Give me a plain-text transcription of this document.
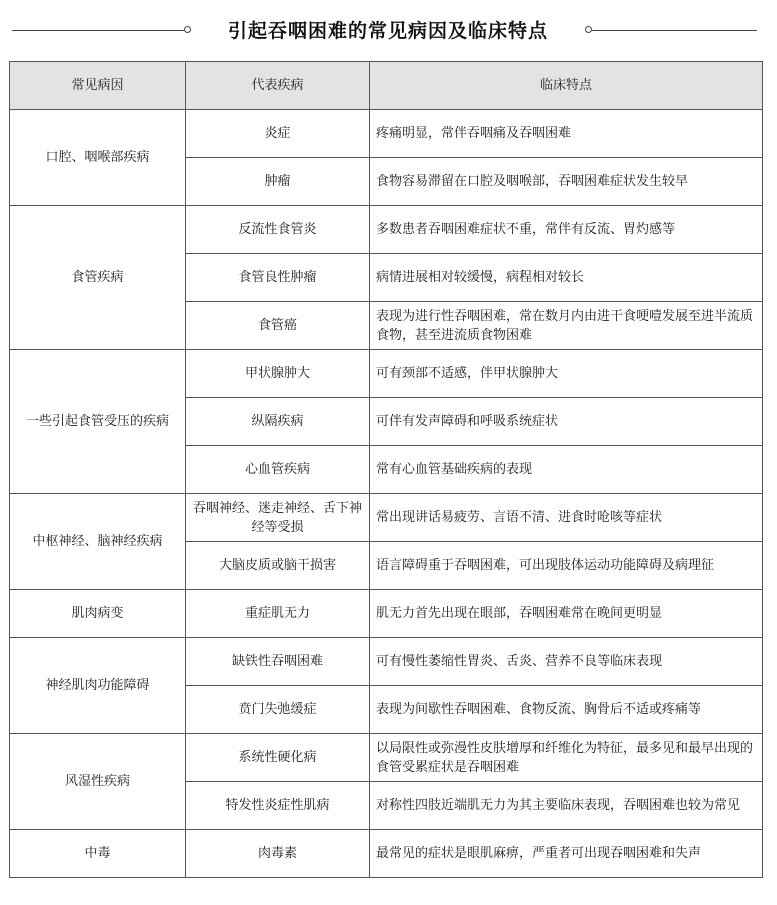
引起吞咽困难的常见病因及临床特点
常见病因	代表疾病	临床特点
口腔、咽喉部疾病	炎症	疼痛明显，常伴吞咽痛及吞咽困难
	肿瘤	食物容易滞留在口腔及咽喉部，吞咽困难症状发生较早
食管疾病	反流性食管炎	多数患者吞咽困难症状不重，常伴有反流、胃灼感等
	食管良性肿瘤	病情进展相对较缓慢，病程相对较长
	食管癌	表现为进行性吞咽困难，常在数月内由进干食哽噎发展至进半流质食物，甚至进流质食物困难
一些引起食管受压的疾病	甲状腺肿大	可有颈部不适感，伴甲状腺肿大
	纵隔疾病	可伴有发声障碍和呼吸系统症状
	心血管疾病	常有心血管基础疾病的表现
中枢神经、脑神经疾病	吞咽神经、迷走神经、舌下神经等受损	常出现讲话易疲劳、言语不清、进食时呛咳等症状
	大脑皮质或脑干损害	语言障碍重于吞咽困难，可出现肢体运动功能障碍及病理征
肌肉病变	重症肌无力	肌无力首先出现在眼部，吞咽困难常在晚间更明显
神经肌肉功能障碍	缺铁性吞咽困难	可有慢性萎缩性胃炎、舌炎、营养不良等临床表现
	贲门失弛缓症	表现为间歇性吞咽困难、食物反流、胸骨后不适或疼痛等
风湿性疾病	系统性硬化病	以局限性或弥漫性皮肤增厚和纤维化为特征，最多见和最早出现的食管受累症状是吞咽困难
	特发性炎症性肌病	对称性四肢近端肌无力为其主要临床表现，吞咽困难也较为常见
中毒	肉毒素	最常见的症状是眼肌麻痹，严重者可出现吞咽困难和失声
